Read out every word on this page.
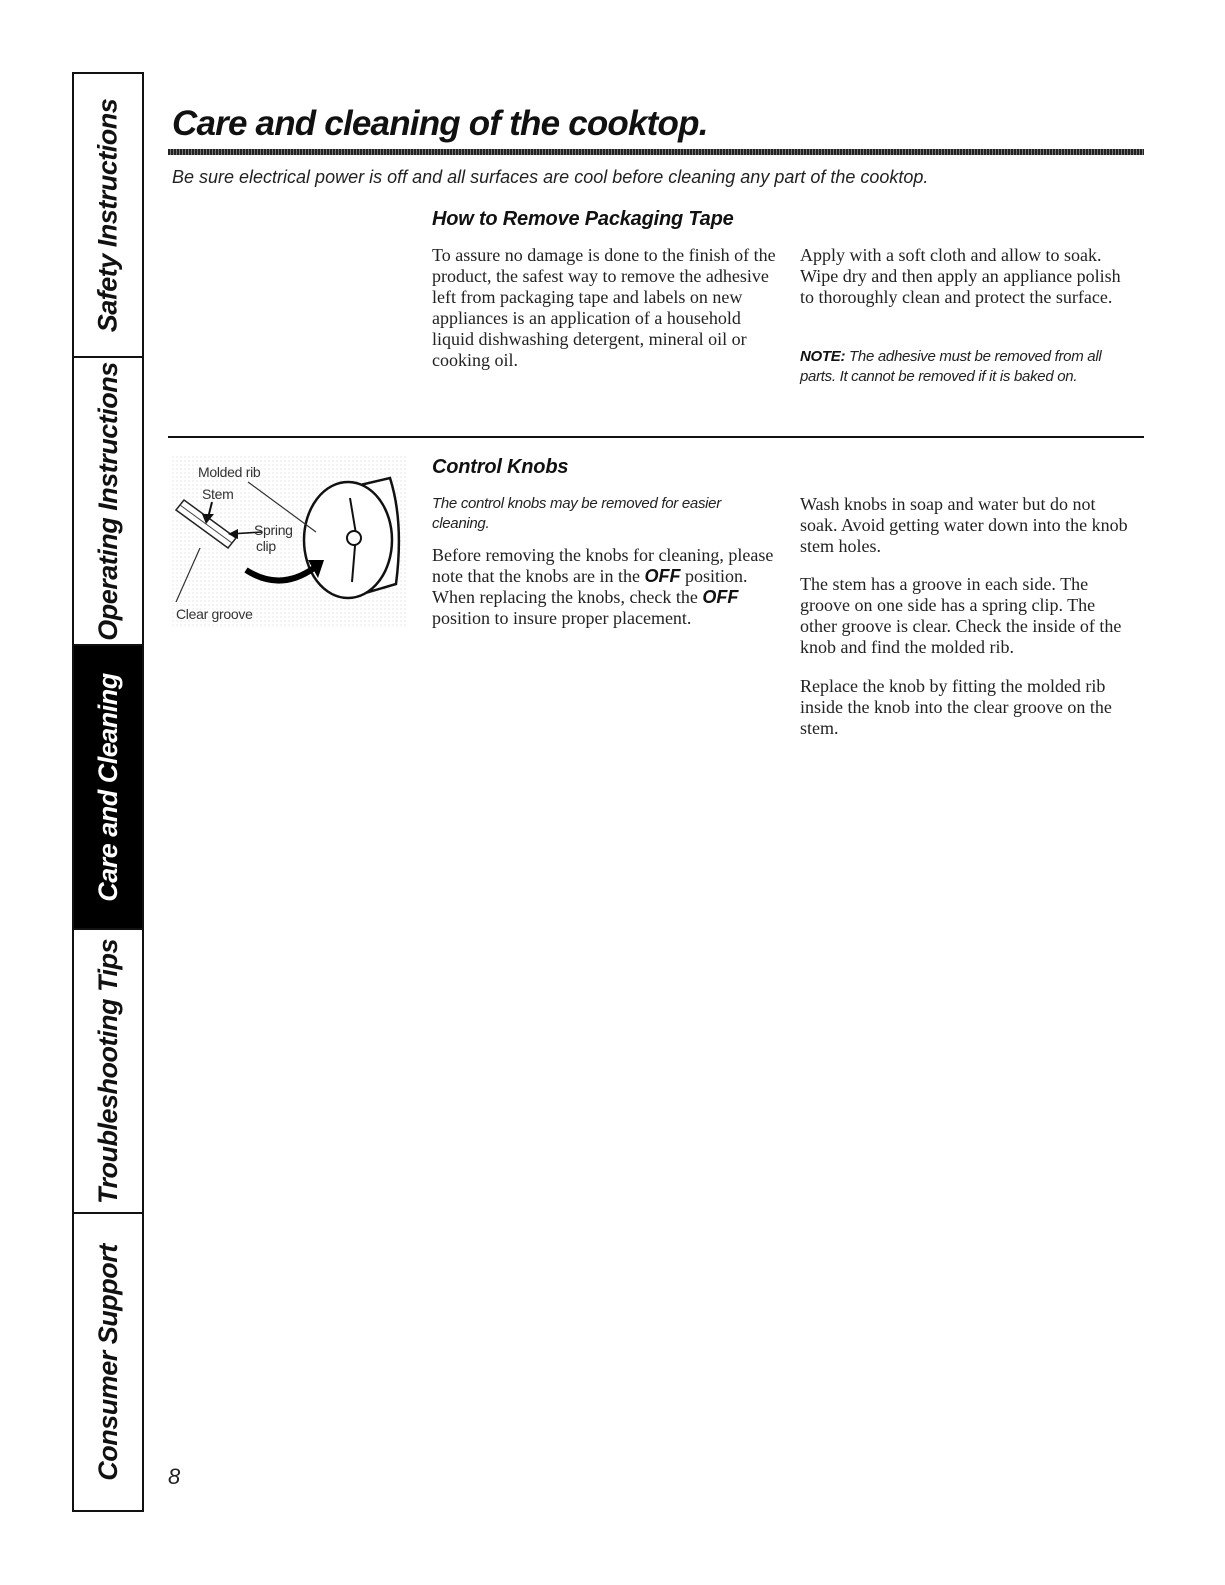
Safety Instructions
Operating Instructions
Care and Cleaning
Troubleshooting Tips
Consumer Support
Care and cleaning of the cooktop.

Be sure electrical power is off and all surfaces are cool before cleaning any part of the cooktop.

How to Remove Packaging Tape

To assure no damage is done to the finish of the product, the safest way to remove the adhesive left from packaging tape and labels on new appliances is an application of a household liquid dishwashing detergent, mineral oil or cooking oil.

Apply with a soft cloth and allow to soak. Wipe dry and then apply an appliance polish to thoroughly clean and protect the surface.

NOTE: The adhesive must be removed from all parts. It cannot be removed if it is baked on.

Molded rib
Stem
Spring
clip
Clear groove
Control Knobs

The control knobs may be removed for easier cleaning.

Before removing the knobs for cleaning, please note that the knobs are in the OFF position. When replacing the knobs, check the OFF position to insure proper placement.

Wash knobs in soap and water but do not soak. Avoid getting water down into the knob stem holes.

The stem has a groove in each side. The groove on one side has a spring clip. The other groove is clear. Check the inside of the knob and find the molded rib.

Replace the knob by fitting the molded rib inside the knob into the clear groove on the stem.

8
